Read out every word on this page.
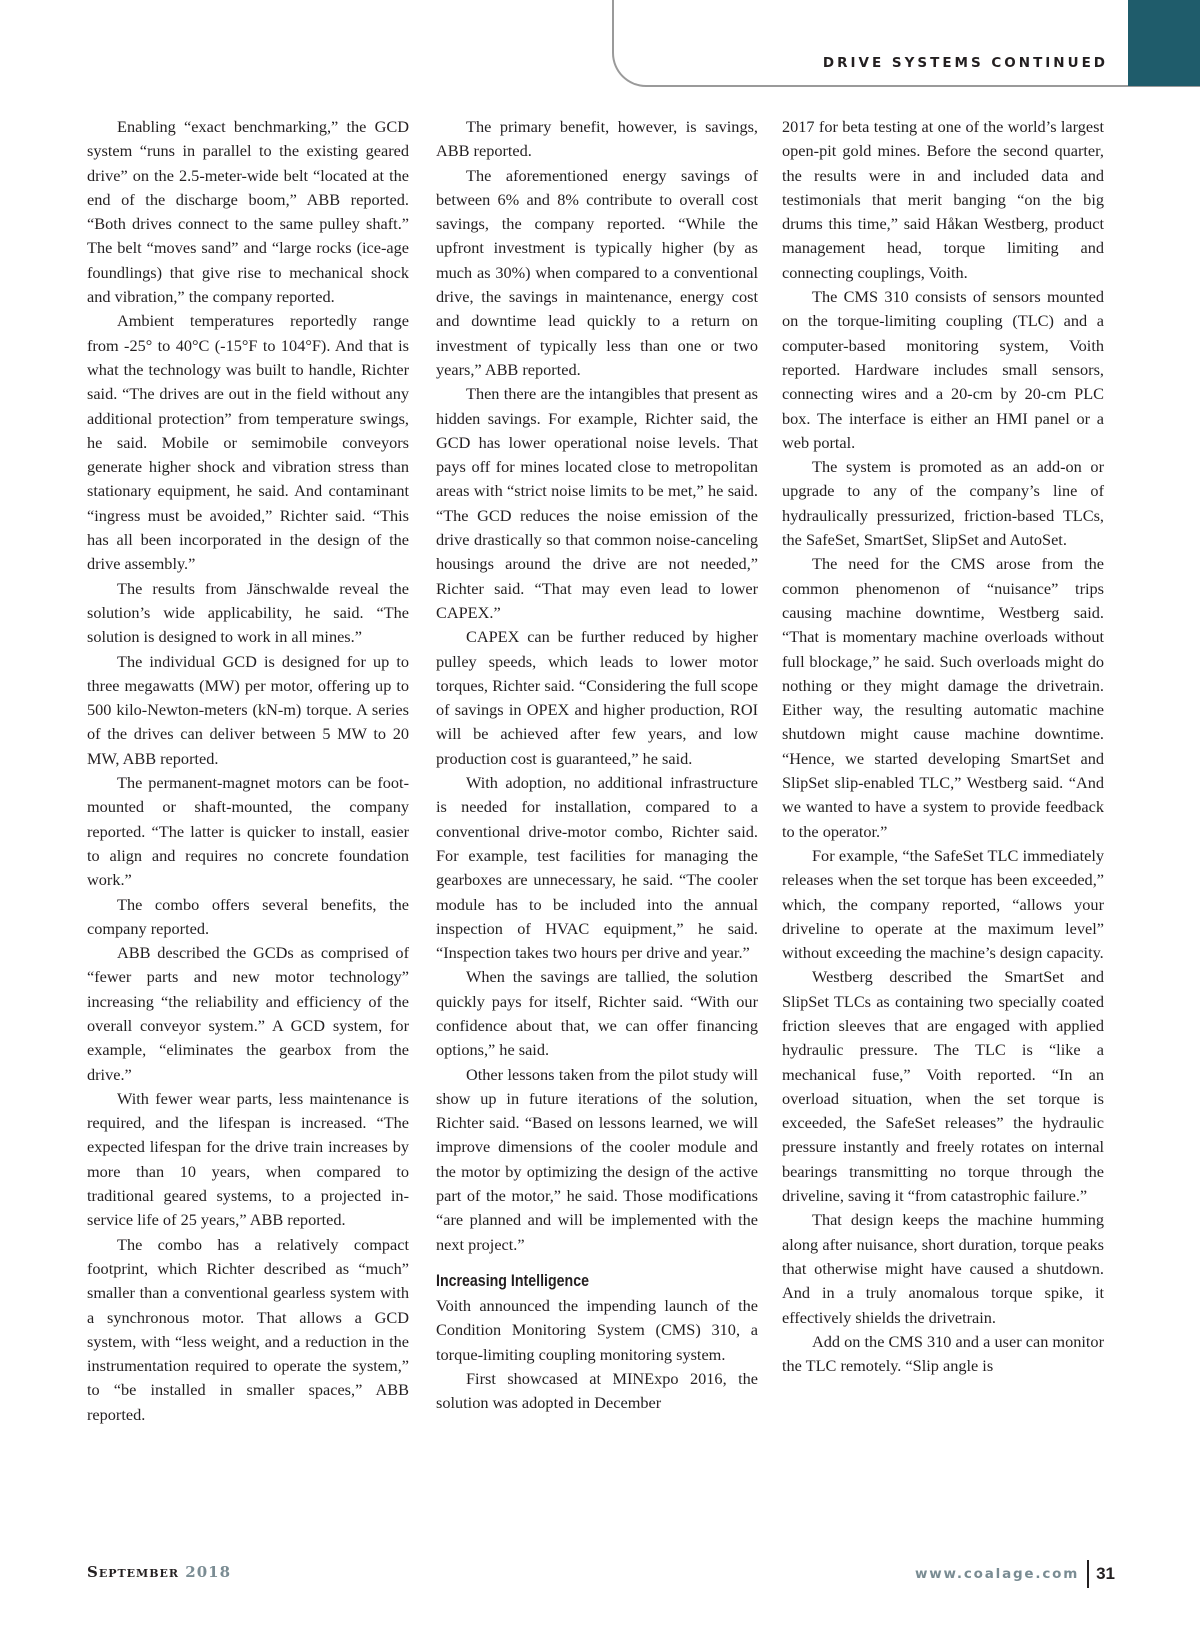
DRIVE SYSTEMS CONTINUED

Enabling “exact benchmarking,” the GCD system “runs in parallel to the existing geared drive” on the 2.5-meter-wide belt “located at the end of the discharge boom,” ABB reported. “Both drives connect to the same pulley shaft.” The belt “moves sand” and “large rocks (ice-age foundlings) that give rise to mechanical shock and vibration,” the company reported.

Ambient temperatures reportedly range from -25° to 40°C (-15°F to 104°F). And that is what the technology was built to handle, Richter said. “The drives are out in the field without any additional protection” from temperature swings, he said. Mobile or semimobile conveyors generate higher shock and vibration stress than stationary equipment, he said. And contaminant “ingress must be avoided,” Richter said. “This has all been incorporated in the design of the drive assembly.”

The results from Jänschwalde reveal the solution’s wide applicability, he said. “The solution is designed to work in all mines.”

The individual GCD is designed for up to three megawatts (MW) per motor, offering up to 500 kilo-Newton-meters (kN-m) torque. A series of the drives can deliver between 5 MW to 20 MW, ABB reported.

The permanent-magnet motors can be foot-mounted or shaft-mounted, the company reported. “The latter is quicker to install, easier to align and requires no concrete foundation work.”

The combo offers several benefits, the company reported.

ABB described the GCDs as comprised of “fewer parts and new motor technology” increasing “the reliability and efficiency of the overall conveyor system.” A GCD system, for example, “eliminates the gearbox from the drive.”

With fewer wear parts, less maintenance is required, and the lifespan is increased. “The expected lifespan for the drive train increases by more than 10 years, when compared to traditional geared systems, to a projected in-service life of 25 years,” ABB reported.

The combo has a relatively compact footprint, which Richter described as “much” smaller than a conventional gearless system with a synchronous motor. That allows a GCD system, with “less weight, and a reduction in the instrumentation required to operate the system,” to “be installed in smaller spaces,” ABB reported.

The primary benefit, however, is savings, ABB reported.

The aforementioned energy savings of between 6% and 8% contribute to overall cost savings, the company reported. “While the upfront investment is typically higher (by as much as 30%) when compared to a conventional drive, the savings in maintenance, energy cost and downtime lead quickly to a return on investment of typically less than one or two years,” ABB reported.

Then there are the intangibles that present as hidden savings. For example, Richter said, the GCD has lower operational noise levels. That pays off for mines located close to metropolitan areas with “strict noise limits to be met,” he said. “The GCD reduces the noise emission of the drive drastically so that common noise-canceling housings around the drive are not needed,” Richter said. “That may even lead to lower CAPEX.”

CAPEX can be further reduced by higher pulley speeds, which leads to lower motor torques, Richter said. “Considering the full scope of savings in OPEX and higher production, ROI will be achieved after few years, and low production cost is guaranteed,” he said.

With adoption, no additional infrastructure is needed for installation, compared to a conventional drive-motor combo, Richter said. For example, test facilities for managing the gearboxes are unnecessary, he said. “The cooler module has to be included into the annual inspection of HVAC equipment,” he said. “Inspection takes two hours per drive and year.”

When the savings are tallied, the solution quickly pays for itself, Richter said. “With our confidence about that, we can offer financing options,” he said.

Other lessons taken from the pilot study will show up in future iterations of the solution, Richter said. “Based on lessons learned, we will improve dimensions of the cooler module and the motor by optimizing the design of the active part of the motor,” he said. Those modifications “are planned and will be implemented with the next project.”

Increasing Intelligence

Voith announced the impending launch of the Condition Monitoring System (CMS) 310, a torque-limiting coupling monitoring system.

First showcased at MINExpo 2016, the solution was adopted in December

2017 for beta testing at one of the world’s largest open-pit gold mines. Before the second quarter, the results were in and included data and testimonials that merit banging “on the big drums this time,” said Håkan Westberg, product management head, torque limiting and connecting couplings, Voith.

The CMS 310 consists of sensors mounted on the torque-limiting coupling (TLC) and a computer-based monitoring system, Voith reported. Hardware includes small sensors, connecting wires and a 20-cm by 20-cm PLC box. The interface is either an HMI panel or a web portal.

The system is promoted as an add-on or upgrade to any of the company’s line of hydraulically pressurized, friction-based TLCs, the SafeSet, SmartSet, SlipSet and AutoSet.

The need for the CMS arose from the common phenomenon of “nuisance” trips causing machine downtime, Westberg said. “That is momentary machine overloads without full blockage,” he said. Such overloads might do nothing or they might damage the drivetrain. Either way, the resulting automatic machine shutdown might cause machine downtime. “Hence, we started developing SmartSet and SlipSet slip-enabled TLC,” Westberg said. “And we wanted to have a system to provide feedback to the operator.”

For example, “the SafeSet TLC immediately releases when the set torque has been exceeded,” which, the company reported, “allows your driveline to operate at the maximum level” without exceeding the machine’s design capacity.

Westberg described the SmartSet and SlipSet TLCs as containing two specially coated friction sleeves that are engaged with applied hydraulic pressure. The TLC is “like a mechanical fuse,” Voith reported. “In an overload situation, when the set torque is exceeded, the SafeSet releases” the hydraulic pressure instantly and freely rotates on internal bearings transmitting no torque through the driveline, saving it “from catastrophic failure.”

That design keeps the machine humming along after nuisance, short duration, torque peaks that otherwise might have caused a shutdown. And in a truly anomalous torque spike, it effectively shields the drivetrain.

Add on the CMS 310 and a user can monitor the TLC remotely. “Slip angle is

September 2018	www.coalage.com	31
